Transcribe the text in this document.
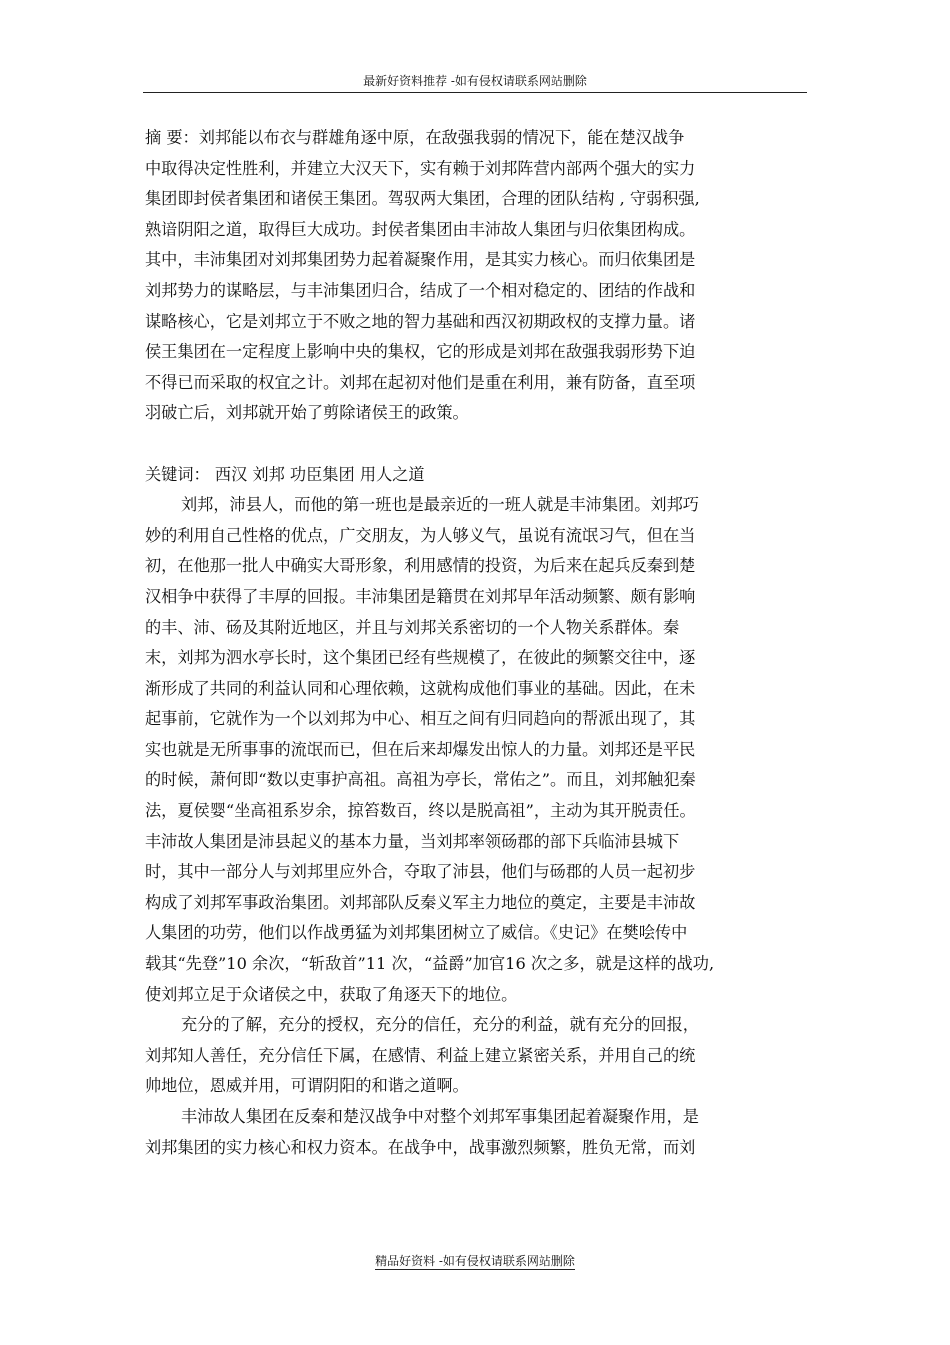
最新好资料推荐 -如有侵权请联系网站删除
摘 要：刘邦能以布衣与群雄角逐中原，在敌强我弱的情况下，能在楚汉战争
中取得决定性胜利，并建立大汉天下，实有赖于刘邦阵营内部两个强大的实力
集团即封侯者集团和诸侯王集团。驾驭两大集团，合理的团队结构 , 守弱积强,
熟谙阴阳之道，取得巨大成功。封侯者集团由丰沛故人集团与归依集团构成。
其中，丰沛集团对刘邦集团势力起着凝聚作用，是其实力核心。而归依集团是
刘邦势力的谋略层，与丰沛集团归合，结成了一个相对稳定的、团结的作战和
谋略核心，它是刘邦立于不败之地的智力基础和西汉初期政权的支撑力量。诸
侯王集团在一定程度上影响中央的集权，它的形成是刘邦在敌强我弱形势下迫
不得已而采取的权宜之计。刘邦在起初对他们是重在利用，兼有防备，直至项
羽破亡后，刘邦就开始了剪除诸侯王的政策。
关键词： 西汉 刘邦 功臣集团 用人之道
刘邦，沛县人，而他的第一班也是最亲近的一班人就是丰沛集团。刘邦巧
妙的利用自己性格的优点，广交朋友，为人够义气，虽说有流氓习气，但在当
初，在他那一批人中确实大哥形象，利用感情的投资，为后来在起兵反秦到楚
汉相争中获得了丰厚的回报。丰沛集团是籍贯在刘邦早年活动频繁、颇有影响
的丰、沛、砀及其附近地区，并且与刘邦关系密切的一个人物关系群体。秦
末，刘邦为泗水亭长时，这个集团已经有些规模了，在彼此的频繁交往中，逐
渐形成了共同的利益认同和心理依赖，这就构成他们事业的基础。因此，在未
起事前，它就作为一个以刘邦为中心、相互之间有归同趋向的帮派出现了，其
实也就是无所事事的流氓而已，但在后来却爆发出惊人的力量。刘邦还是平民
的时候，萧何即“数以吏事护高祖。高祖为亭长，常佑之”。而且，刘邦触犯秦
法，夏侯婴“坐高祖系岁余，掠笞数百，终以是脱高祖”，主动为其开脱责任。
丰沛故人集团是沛县起义的基本力量，当刘邦率领砀郡的部下兵临沛县城下
时，其中一部分人与刘邦里应外合，夺取了沛县，他们与砀郡的人员一起初步
构成了刘邦军事政治集团。刘邦部队反秦义军主力地位的奠定，主要是丰沛故
人集团的功劳，他们以作战勇猛为刘邦集团树立了威信。《史记》在樊哙传中
载其“先登”10 余次，“斩敌首”11 次，“益爵”加官16 次之多，就是这样的战功,
使刘邦立足于众诸侯之中，获取了角逐天下的地位。
充分的了解，充分的授权，充分的信任，充分的利益，就有充分的回报，
刘邦知人善任，充分信任下属，在感情、利益上建立紧密关系，并用自己的统
帅地位，恩威并用，可谓阴阳的和谐之道啊。
丰沛故人集团在反秦和楚汉战争中对整个刘邦军事集团起着凝聚作用，是
刘邦集团的实力核心和权力资本。在战争中，战事激烈频繁，胜负无常，而刘
精品好资料 -如有侵权请联系网站删除
